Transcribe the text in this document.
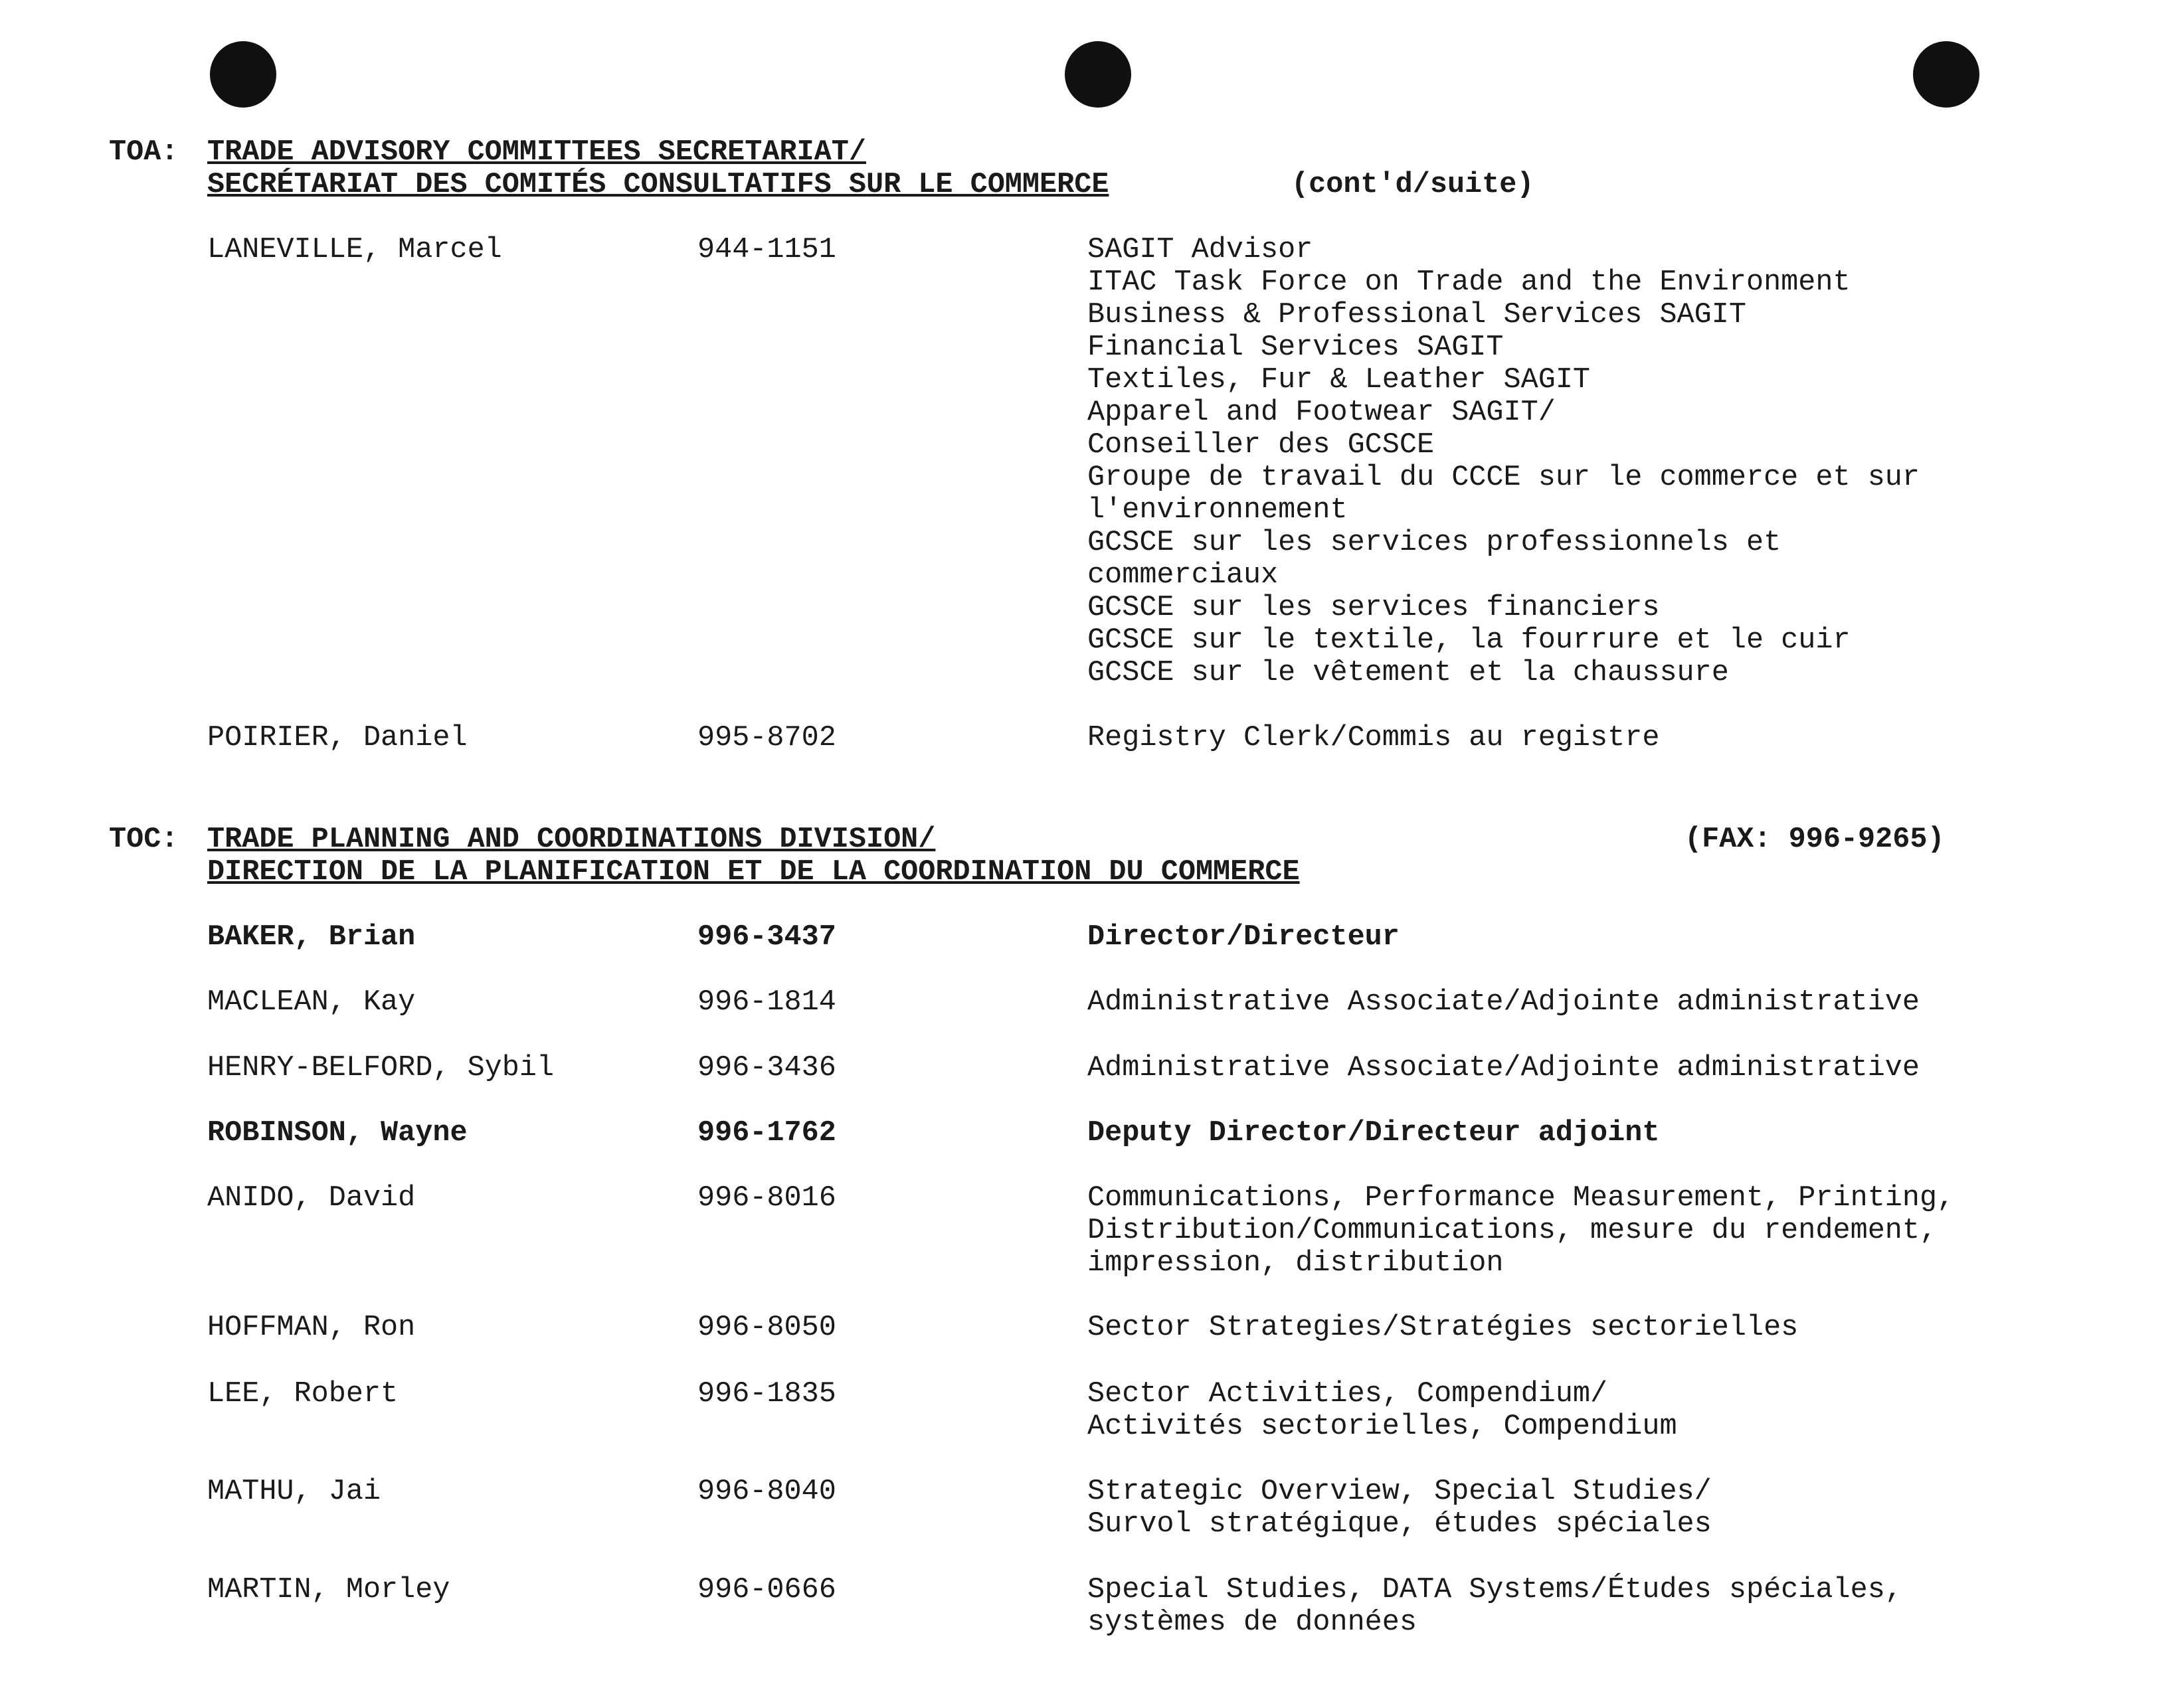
TOA: TRADE ADVISORY COMMITTEES SECRETARIAT/
SECRÉTARIAT DES COMITÉS CONSULTATIFS SUR LE COMMERCE	(cont'd/suite)
LANEVILLE, Marcel	944-1151	SAGIT Advisor
ITAC Task Force on Trade and the Environment
Business & Professional Services SAGIT
Financial Services SAGIT
Textiles, Fur & Leather SAGIT
Apparel and Footwear SAGIT/
Conseiller des GCSCE
Groupe de travail du CCCE sur le commerce et sur
l'environnement
GCSCE sur les services professionnels et
commerciaux
GCSCE sur les services financiers
GCSCE sur le textile, la fourrure et le cuir
GCSCE sur le vêtement et la chaussure
POIRIER, Daniel	995-8702	Registry Clerk/Commis au registre
TOC: TRADE PLANNING AND COORDINATIONS DIVISION/
DIRECTION DE LA PLANIFICATION ET DE LA COORDINATION DU COMMERCE
(FAX: 996-9265)
BAKER, Brian	996-3437	Director/Directeur
MACLEAN, Kay	996-1814	Administrative Associate/Adjointe administrative
HENRY-BELFORD, Sybil	996-3436	Administrative Associate/Adjointe administrative
ROBINSON, Wayne	996-1762	Deputy Director/Directeur adjoint
ANIDO, David	996-8016	Communications, Performance Measurement, Printing,
Distribution/Communications, mesure du rendement,
impression, distribution
HOFFMAN, Ron	996-8050	Sector Strategies/Stratégies sectorielles
LEE, Robert	996-1835	Sector Activities, Compendium/
Activités sectorielles, Compendium
MATHU, Jai	996-8040	Strategic Overview, Special Studies/
Survol stratégique, études spéciales
MARTIN, Morley	996-0666	Special Studies, DATA Systems/Études spéciales,
systèmes de données
